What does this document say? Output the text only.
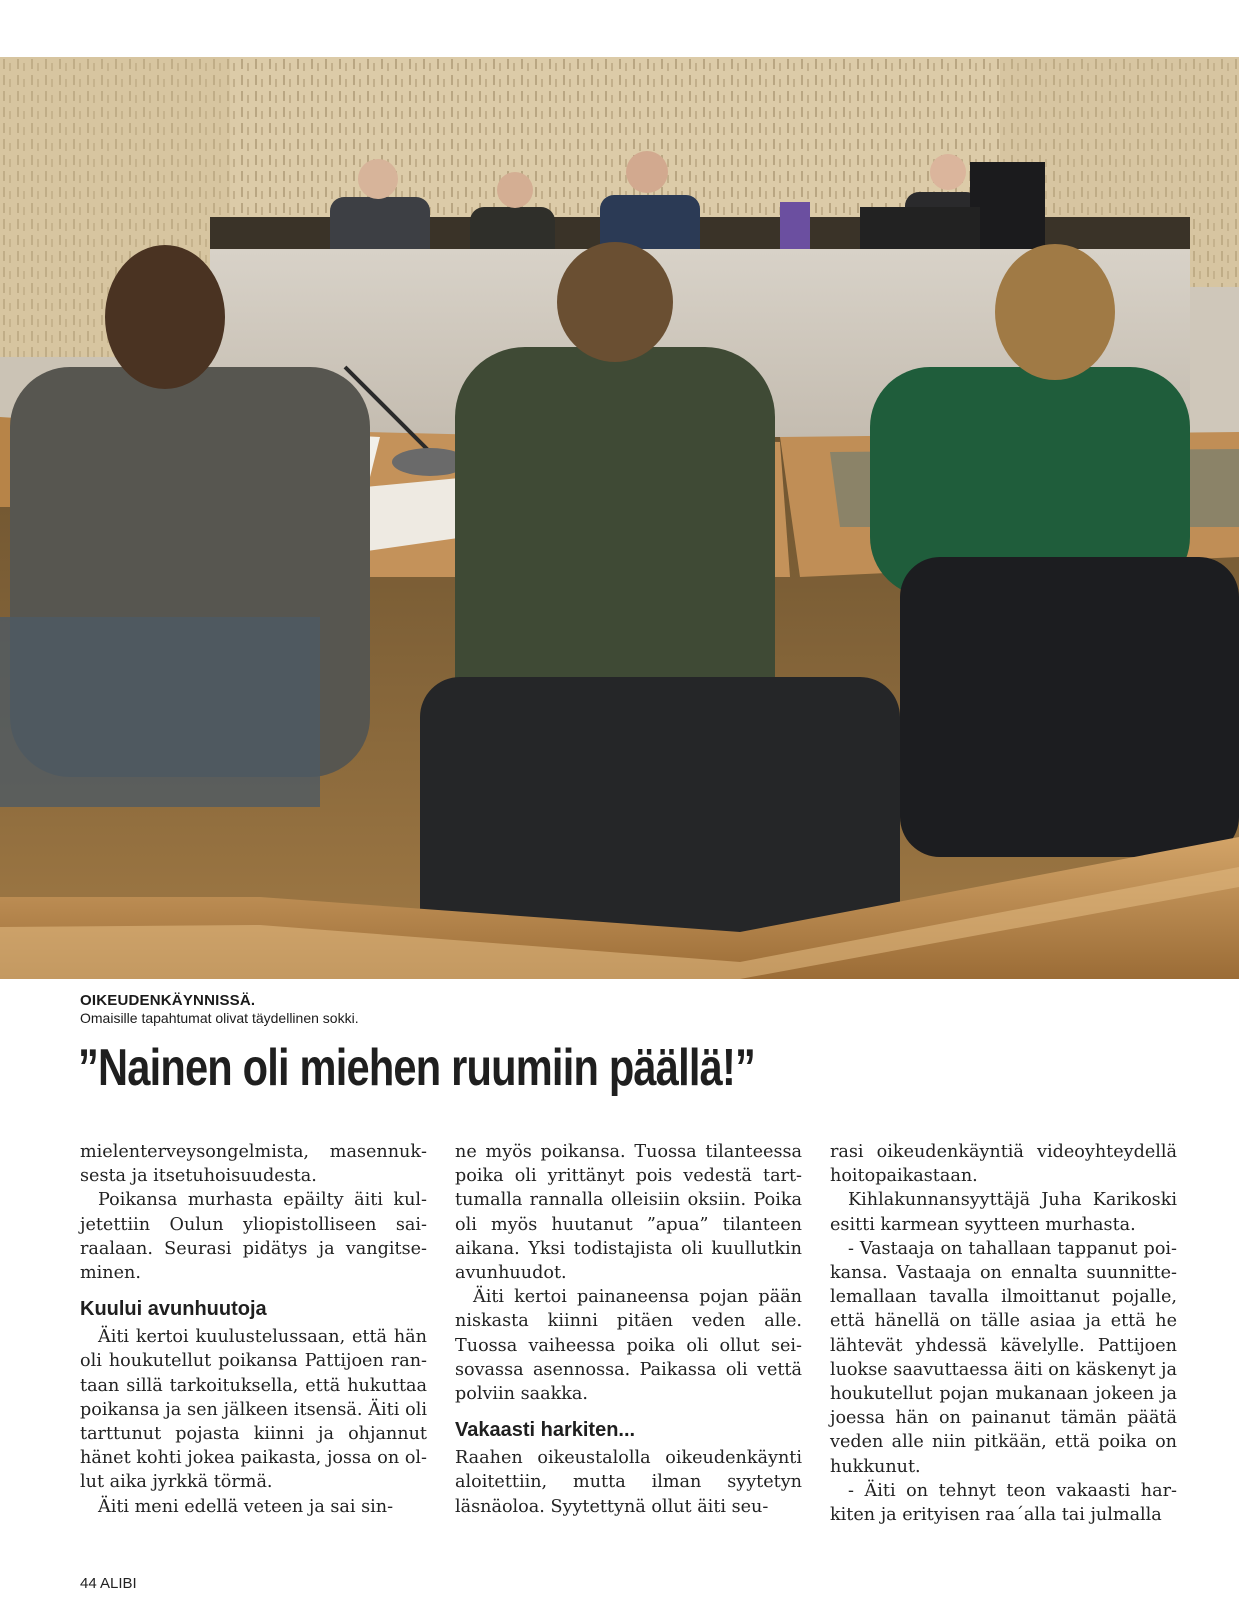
OIKEUDENKÄYNNISSÄ.
Omaisille tapahtumat olivat täydellinen sokki.
”Nainen oli miehen ruumiin päällä!”

mielenterveysongelmista, masennuksesta ja itsetuhoisuudesta.

Poikansa murhasta epäilty äiti kuljetettiin Oulun yliopistolliseen sairaalaan. Seurasi pidätys ja vangitseminen.

Kuului avunhuutoja

Äiti kertoi kuulustelussaan, että hän oli houkutellut poikansa Pattijoen rantaan sillä tarkoituksella, että hukuttaa poikansa ja sen jälkeen itsensä. Äiti oli tarttunut pojasta kiinni ja ohjannut hänet kohti jokea paikasta, jossa on ollut aika jyrkkä törmä.

Äiti meni edellä veteen ja sai sin-

ne myös poikansa. Tuossa tilanteessa poika oli yrittänyt pois vedestä tarttumalla rannalla olleisiin oksiin. Poika oli myös huutanut ”apua” tilanteen aikana. Yksi todistajista oli kuullutkin avunhuudot.

Äiti kertoi painaneensa pojan pään niskasta kiinni pitäen veden alle. Tuossa vaiheessa poika oli ollut seisovassa asennossa. Paikassa oli vettä polviin saakka.

Vakaasti harkiten...

Raahen oikeustalolla oikeudenkäynti aloitettiin, mutta ilman syytetyn läsnäoloa. Syytettynä ollut äiti seu-

rasi oikeudenkäyntiä videoyhteydellä hoitopaikastaan.

Kihlakunnansyyttäjä Juha Karikoski esitti karmean syytteen murhasta.

- Vastaaja on tahallaan tappanut poikansa. Vastaaja on ennalta suunnittelemallaan tavalla ilmoittanut pojalle, että hänellä on tälle asiaa ja että he lähtevät yhdessä kävelylle. Pattijoen luokse saavuttaessa äiti on käskenyt ja houkutellut pojan mukanaan jokeen ja joessa hän on painanut tämän päätä veden alle niin pitkään, että poika on hukkunut.

- Äiti on tehnyt teon vakaasti harkiten ja erityisen raa´alla tai julmalla

44 ALIBI
